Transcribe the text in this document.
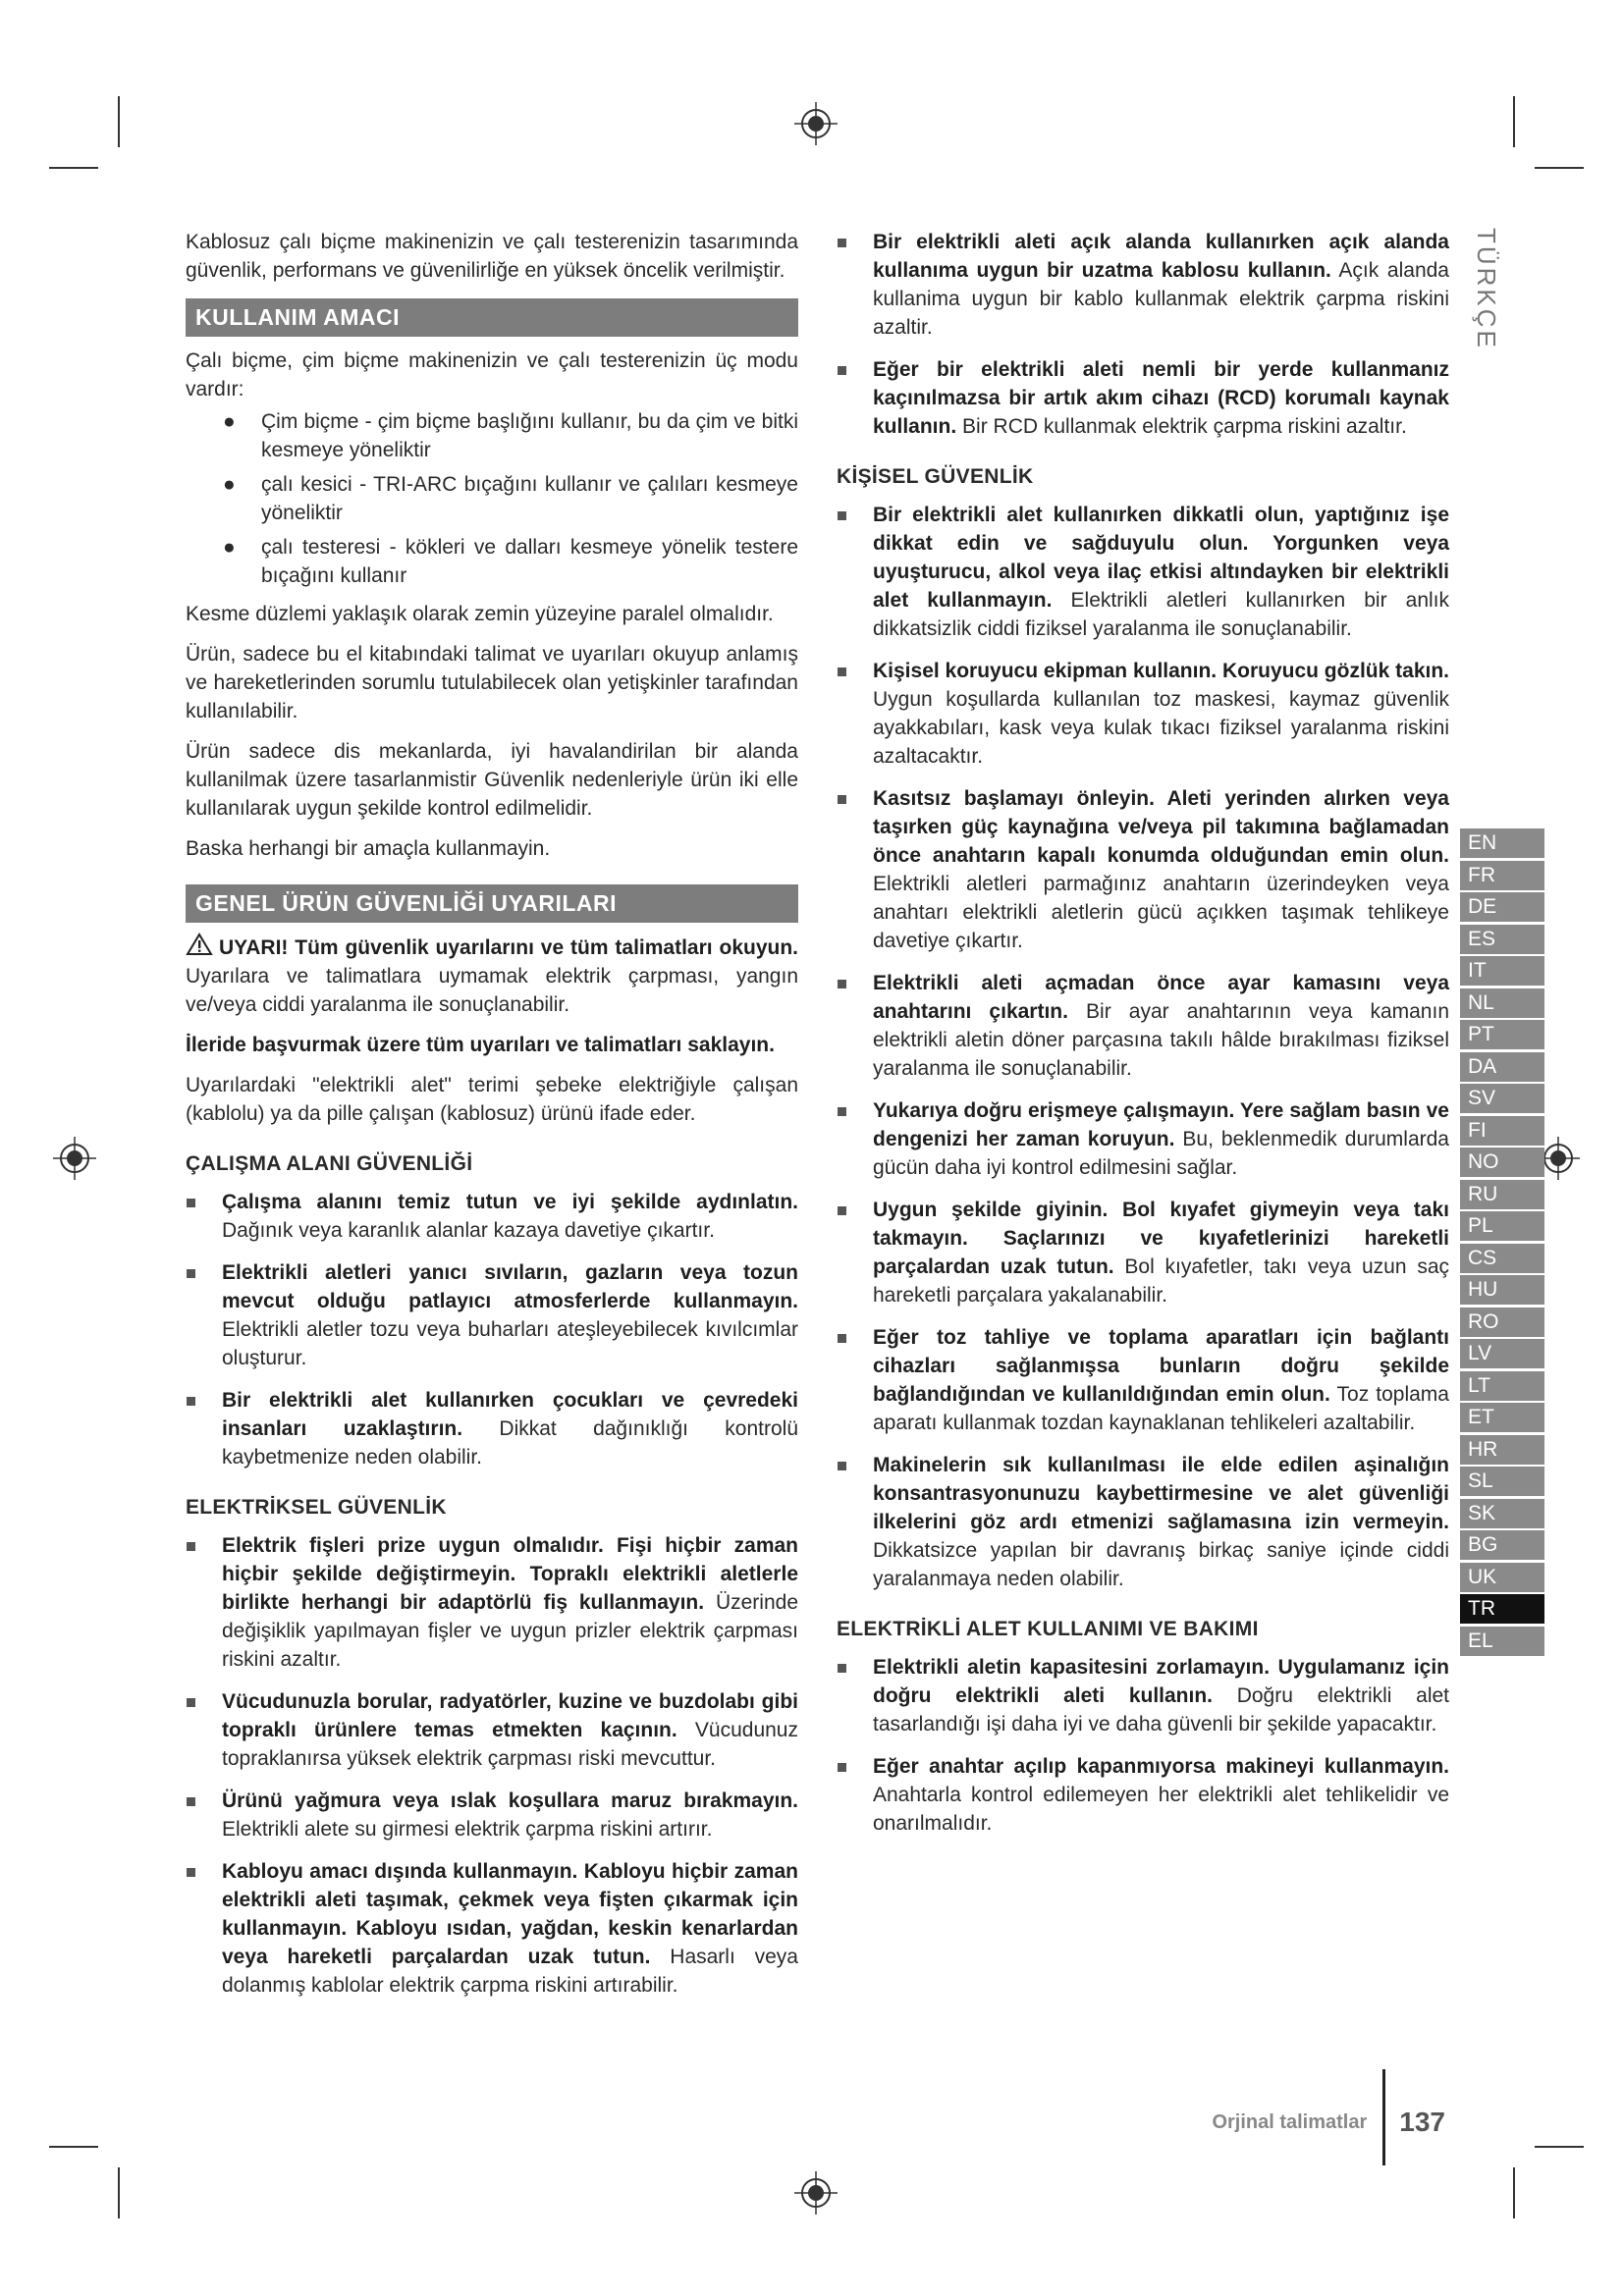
TÜRKÇE

Kablosuz çalı biçme makinenizin ve çalı testerenizin tasarımında güvenlik, performans ve güvenilirliğe en yüksek öncelik verilmiştir.

KULLANIM AMACI

Çalı biçme, çim biçme makinenizin ve çalı testerenizin üç modu vardır:

● Çim biçme - çim biçme başlığını kullanır, bu da çim ve bitki kesmeye yöneliktir
● çalı kesici - TRI-ARC bıçağını kullanır ve çalıları kesmeye yöneliktir
● çalı testeresi - kökleri ve dalları kesmeye yönelik testere bıçağını kullanır

Kesme düzlemi yaklaşık olarak zemin yüzeyine paralel olmalıdır.

Ürün, sadece bu el kitabındaki talimat ve uyarıları okuyup anlamış ve hareketlerinden sorumlu tutulabilecek olan yetişkinler tarafından kullanılabilir.

Ürün sadece dis mekanlarda, iyi havalandirilan bir alanda kullanilmak üzere tasarlanmistir Güvenlik nedenleriyle ürün iki elle kullanılarak uygun şekilde kontrol edilmelidir.

Baska herhangi bir amaçla kullanmayin.

GENEL ÜRÜN GÜVENLİĞİ UYARILARI

UYARI! Tüm güvenlik uyarılarını ve tüm talimatları okuyun. Uyarılara ve talimatlara uymamak elektrik çarpması, yangın ve/veya ciddi yaralanma ile sonuçlanabilir.

İleride başvurmak üzere tüm uyarıları ve talimatları saklayın.

Uyarılardaki "elektrikli alet" terimi şebeke elektriğiyle çalışan (kablolu) ya da pille çalışan (kablosuz) ürünü ifade eder.

ÇALIŞMA ALANI GÜVENLİĞİ
Çalışma alanını temiz tutun ve iyi şekilde aydınlatın. Dağınık veya karanlık alanlar kazaya davetiye çıkartır.
Elektrikli aletleri yanıcı sıvıların, gazların veya tozun mevcut olduğu patlayıcı atmosferlerde kullanmayın. Elektrikli aletler tozu veya buharları ateşleyebilecek kıvılcımlar oluşturur.
Bir elektrikli alet kullanırken çocukları ve çevredeki insanları uzaklaştırın. Dikkat dağınıklığı kontrolü kaybetmenize neden olabilir.
ELEKTRİKSEL GÜVENLİK
Elektrik fişleri prize uygun olmalıdır. Fişi hiçbir zaman hiçbir şekilde değiştirmeyin. Topraklı elektrikli aletlerle birlikte herhangi bir adaptörlü fiş kullanmayın. Üzerinde değişiklik yapılmayan fişler ve uygun prizler elektrik çarpması riskini azaltır.
Vücudunuzla borular, radyatörler, kuzine ve buzdolabı gibi topraklı ürünlere temas etmekten kaçının. Vücudunuz topraklanırsa yüksek elektrik çarpması riski mevcuttur.
Ürünü yağmura veya ıslak koşullara maruz bırakmayın. Elektrikli alete su girmesi elektrik çarpma riskini artırır.
Kabloyu amacı dışında kullanmayın. Kabloyu hiçbir zaman elektrikli aleti taşımak, çekmek veya fişten çıkarmak için kullanmayın. Kabloyu ısıdan, yağdan, keskin kenarlardan veya hareketli parçalardan uzak tutun. Hasarlı veya dolanmış kablolar elektrik çarpma riskini artırabilir.
Bir elektrikli aleti açık alanda kullanırken açık alanda kullanıma uygun bir uzatma kablosu kullanın. Açık alanda kullanima uygun bir kablo kullanmak elektrik çarpma riskini azaltir.
Eğer bir elektrikli aleti nemli bir yerde kullanmanız kaçınılmazsa bir artık akım cihazı (RCD) korumalı kaynak kullanın. Bir RCD kullanmak elektrik çarpma riskini azaltır.
KİŞİSEL GÜVENLİK
Bir elektrikli alet kullanırken dikkatli olun, yaptığınız işe dikkat edin ve sağduyulu olun. Yorgunken veya uyuşturucu, alkol veya ilaç etkisi altındayken bir elektrikli alet kullanmayın. Elektrikli aletleri kullanırken bir anlık dikkatsizlik ciddi fiziksel yaralanma ile sonuçlanabilir.
Kişisel koruyucu ekipman kullanın. Koruyucu gözlük takın. Uygun koşullarda kullanılan toz maskesi, kaymaz güvenlik ayakkabıları, kask veya kulak tıkacı fiziksel yaralanma riskini azaltacaktır.
Kasıtsız başlamayı önleyin. Aleti yerinden alırken veya taşırken güç kaynağına ve/veya pil takımına bağlamadan önce anahtarın kapalı konumda olduğundan emin olun. Elektrikli aletleri parmağınız anahtarın üzerindeyken veya anahtarı elektrikli aletlerin gücü açıkken taşımak tehlikeye davetiye çıkartır.
Elektrikli aleti açmadan önce ayar kamasını veya anahtarını çıkartın. Bir ayar anahtarının veya kamanın elektrikli aletin döner parçasına takılı hâlde bırakılması fiziksel yaralanma ile sonuçlanabilir.
Yukarıya doğru erişmeye çalışmayın. Yere sağlam basın ve dengenizi her zaman koruyun. Bu, beklenmedik durumlarda gücün daha iyi kontrol edilmesini sağlar.
Uygun şekilde giyinin. Bol kıyafet giymeyin veya takı takmayın. Saçlarınızı ve kıyafetlerinizi hareketli parçalardan uzak tutun. Bol kıyafetler, takı veya uzun saç hareketli parçalara yakalanabilir.
Eğer toz tahliye ve toplama aparatları için bağlantı cihazları sağlanmışsa bunların doğru şekilde bağlandığından ve kullanıldığından emin olun. Toz toplama aparatı kullanmak tozdan kaynaklanan tehlikeleri azaltabilir.
Makinelerin sık kullanılması ile elde edilen aşinalığın konsantrasyonunuzu kaybettirmesine ve alet güvenliği ilkelerini göz ardı etmenizi sağlamasına izin vermeyin. Dikkatsizce yapılan bir davranış birkaç saniye içinde ciddi yaralanmaya neden olabilir.
ELEKTRİKLİ ALET KULLANIMI VE BAKIMI
Elektrikli aletin kapasitesini zorlamayın. Uygulamanız için doğru elektrikli aleti kullanın. Doğru elektrikli alet tasarlandığı işi daha iyi ve daha güvenli bir şekilde yapacaktır.
Eğer anahtar açılıp kapanmıyorsa makineyi kullanmayın. Anahtarla kontrol edilemeyen her elektrikli alet tehlikelidir ve onarılmalıdır.
EN
FR
DE
ES
IT
NL
PT
DA
SV
FI
NO
RU
PL
CS
HU
RO
LV
LT
ET
HR
SL
SK
BG
UK
TR
EL
Orjinal talimatlar 137
